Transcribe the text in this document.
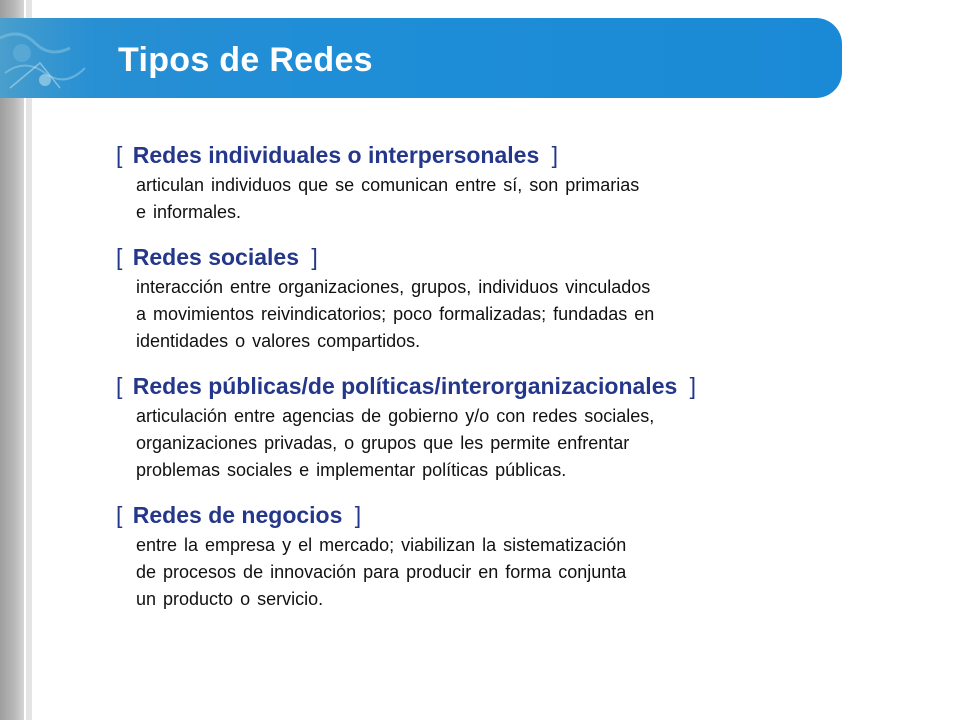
Tipos de Redes
[ Redes individuales o interpersonales ]
articulan individuos que se comunican entre sí, son primarias
e informales.
[ Redes sociales ]
interacción entre organizaciones, grupos, individuos vinculados
a movimientos reivindicatorios; poco formalizadas; fundadas en
identidades o valores compartidos.
[ Redes públicas/de políticas/interorganizacionales ]
articulación entre agencias de gobierno y/o con redes sociales,
organizaciones privadas, o grupos que les permite enfrentar
problemas sociales e implementar políticas públicas.
[ Redes de negocios ]
entre la empresa y el mercado; viabilizan la sistematización
de procesos de innovación para producir en forma conjunta
un producto o servicio.
